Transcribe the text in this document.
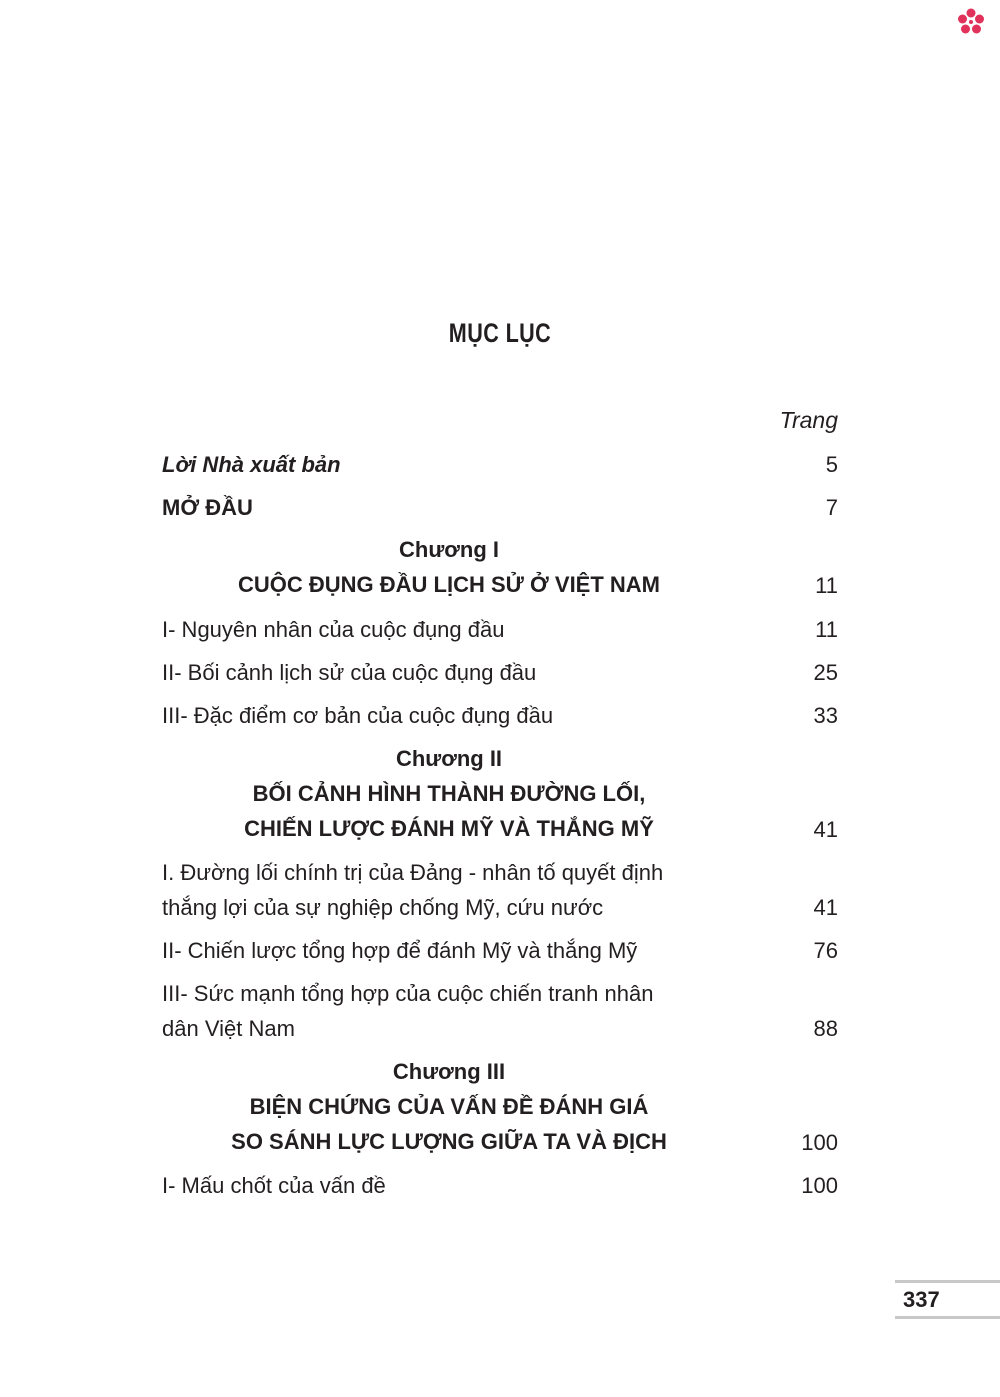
MỤC LỤC
Trang
Lời Nhà xuất bản	5
MỞ ĐẦU	7
Chương I
CUỘC ĐỤNG ĐẦU LỊCH SỬ Ở VIỆT NAM	11
I- Nguyên nhân của cuộc đụng đầu	11
II- Bối cảnh lịch sử của cuộc đụng đầu	25
III- Đặc điểm cơ bản của cuộc đụng đầu	33
Chương II
BỐI CẢNH HÌNH THÀNH ĐƯỜNG LỐI,
CHIẾN LƯỢC ĐÁNH MỸ VÀ THẮNG MỸ	41
I. Đường lối chính trị của Đảng - nhân tố quyết định
thắng lợi của sự nghiệp chống Mỹ, cứu nước	41
II- Chiến lược tổng hợp để đánh Mỹ và thắng Mỹ	76
III- Sức mạnh tổng hợp của cuộc chiến tranh nhân
dân Việt Nam	88
Chương III
BIỆN CHỨNG CỦA VẤN ĐỀ ĐÁNH GIÁ
SO SÁNH LỰC LƯỢNG GIỮA TA VÀ ĐỊCH	100
I- Mấu chốt của vấn đề	100
337
